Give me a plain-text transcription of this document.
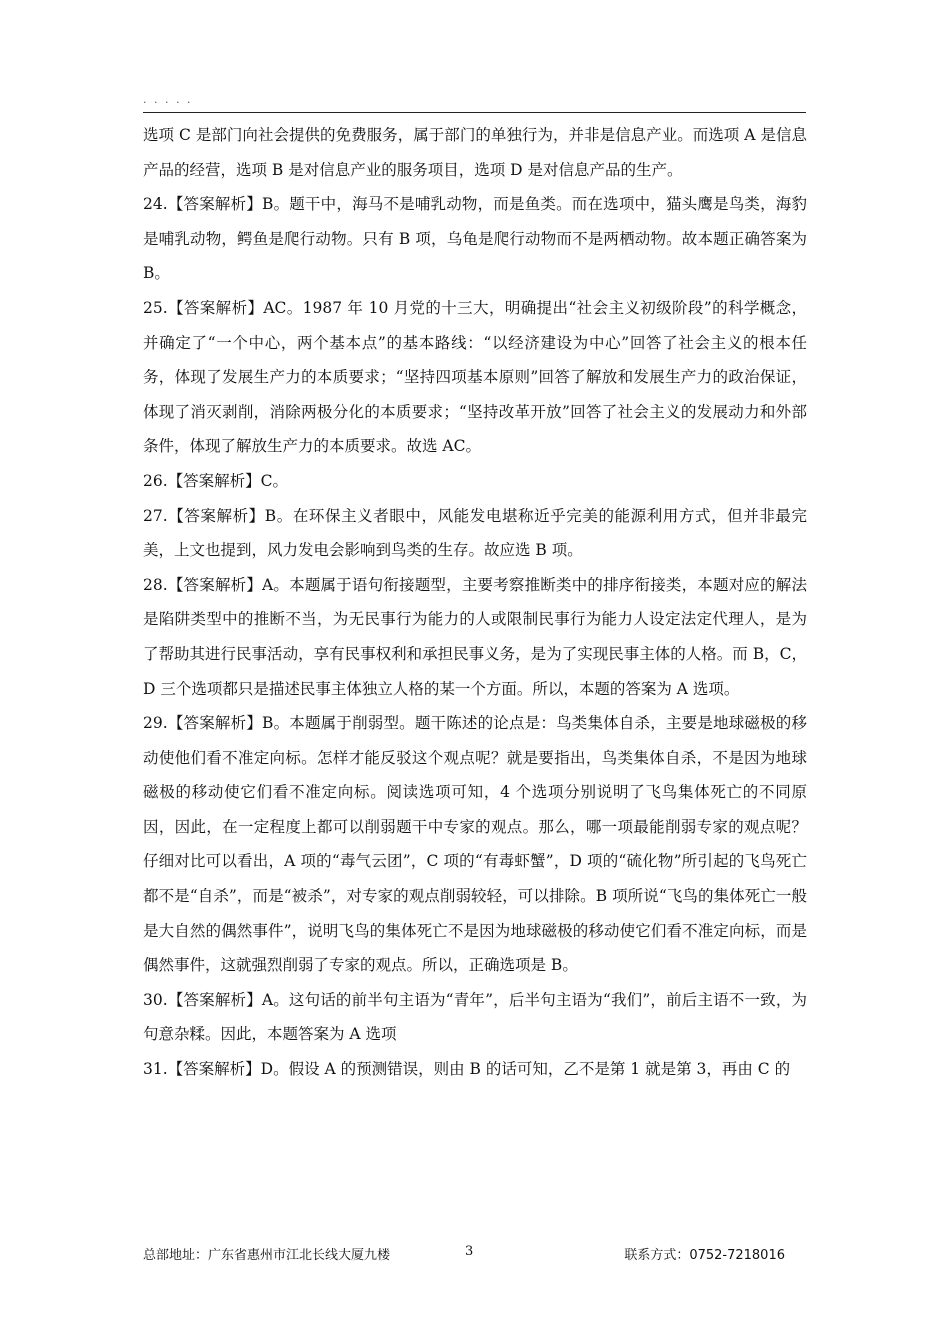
· · · · ·

选项 C 是部门向社会提供的免费服务，属于部门的单独行为，并非是信息产业。而选项 A 是信息产品的经营，选项 B 是对信息产业的服务项目，选项 D 是对信息产品的生产。

24.【答案解析】B。题干中，海马不是哺乳动物，而是鱼类。而在选项中，猫头鹰是鸟类，海豹是哺乳动物，鳄鱼是爬行动物。只有 B 项，乌龟是爬行动物而不是两栖动物。故本题正确答案为 B。

25.【答案解析】AC。1987 年 10 月党的十三大，明确提出“社会主义初级阶段”的科学概念，并确定了“一个中心，两个基本点”的基本路线：“以经济建设为中心”回答了社会主义的根本任务，体现了发展生产力的本质要求；“坚持四项基本原则”回答了解放和发展生产力的政治保证，体现了消灭剥削，消除两极分化的本质要求；“坚持改革开放”回答了社会主义的发展动力和外部条件，体现了解放生产力的本质要求。故选 AC。

26.【答案解析】C。

27.【答案解析】B。在环保主义者眼中，风能发电堪称近乎完美的能源利用方式，但并非最完美，上文也提到，风力发电会影响到鸟类的生存。故应选 B 项。

28.【答案解析】A。本题属于语句衔接题型，主要考察推断类中的排序衔接类，本题对应的解法是陷阱类型中的推断不当，为无民事行为能力的人或限制民事行为能力人设定法定代理人，是为了帮助其进行民事活动，享有民事权利和承担民事义务，是为了实现民事主体的人格。而 B，C，D 三个选项都只是描述民事主体独立人格的某一个方面。所以，本题的答案为 A 选项。

29.【答案解析】B。本题属于削弱型。题干陈述的论点是：鸟类集体自杀，主要是地球磁极的移动使他们看不准定向标。怎样才能反驳这个观点呢？就是要指出，鸟类集体自杀，不是因为地球磁极的移动使它们看不准定向标。阅读选项可知，4 个选项分别说明了飞鸟集体死亡的不同原因，因此，在一定程度上都可以削弱题干中专家的观点。那么，哪一项最能削弱专家的观点呢？仔细对比可以看出，A 项的“毒气云团”，C 项的“有毒虾蟹”，D 项的“硫化物”所引起的飞鸟死亡都不是“自杀”，而是“被杀”，对专家的观点削弱较轻，可以排除。B 项所说“飞鸟的集体死亡一般是大自然的偶然事件”，说明飞鸟的集体死亡不是因为地球磁极的移动使它们看不准定向标，而是偶然事件，这就强烈削弱了专家的观点。所以，正确选项是 B。

30.【答案解析】A。这句话的前半句主语为“青年”，后半句主语为“我们”，前后主语不一致，为句意杂糅。因此，本题答案为 A 选项

31.【答案解析】D。假设 A 的预测错误，则由 B 的话可知，乙不是第 1 就是第 3，再由 C 的

总部地址：广东省惠州市江北长线大厦九楼	3	联系方式：0752-7218016
